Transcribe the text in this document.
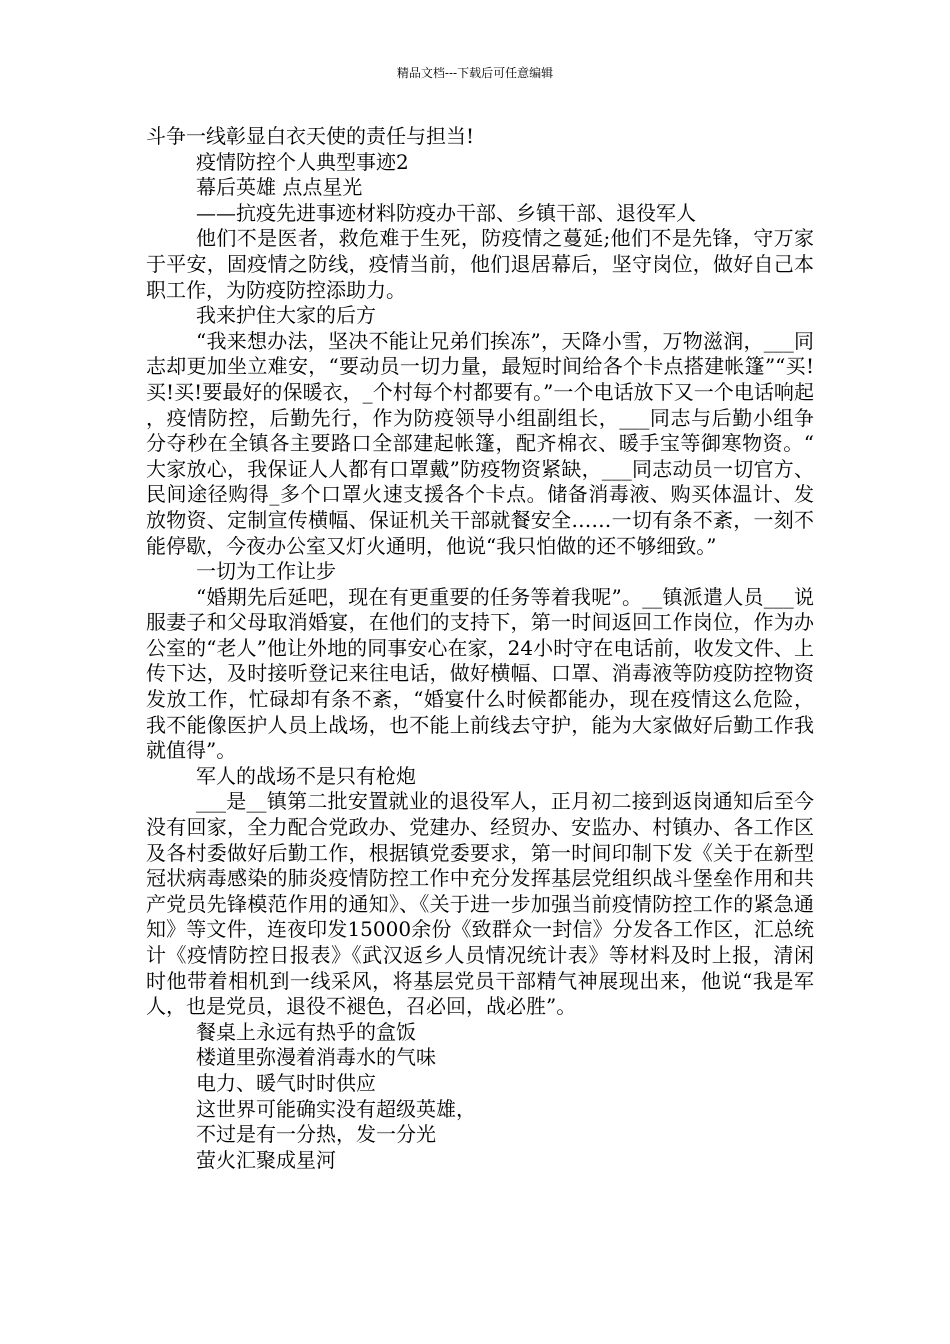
精品文档---下载后可任意编辑

斗争一线彰显白衣天使的责任与担当!

疫情防控个人典型事迹2

幕后英雄 点点星光

——抗疫先进事迹材料防疫办干部、乡镇干部、退役军人

他们不是医者，救危难于生死，防疫情之蔓延;他们不是先锋，守万家于平安，固疫情之防线，疫情当前，他们退居幕后，坚守岗位，做好自己本职工作，为防疫防控添助力。

我来护住大家的后方

“我来想办法，坚决不能让兄弟们挨冻”，天降小雪，万物滋润，___同志却更加坐立难安，“要动员一切力量，最短时间给各个卡点搭建帐篷”“买!买!买!要最好的保暖衣，_个村每个村都要有。”一个电话放下又一个电话响起，疫情防控，后勤先行，作为防疫领导小组副组长，___同志与后勤小组争分夺秒在全镇各主要路口全部建起帐篷，配齐棉衣、暖手宝等御寒物资。“大家放心，我保证人人都有口罩戴”防疫物资紧缺，___同志动员一切官方、民间途径购得_多个口罩火速支援各个卡点。储备消毒液、购买体温计、发放物资、定制宣传横幅、保证机关干部就餐安全……一切有条不紊，一刻不能停歇，今夜办公室又灯火通明，他说“我只怕做的还不够细致。”

一切为工作让步

“婚期先后延吧，现在有更重要的任务等着我呢”。__镇派遣人员___说服妻子和父母取消婚宴，在他们的支持下，第一时间返回工作岗位，作为办公室的“老人”他让外地的同事安心在家，24小时守在电话前，收发文件、上传下达，及时接听登记来往电话，做好横幅、口罩、消毒液等防疫防控物资发放工作，忙碌却有条不紊，“婚宴什么时候都能办，现在疫情这么危险，我不能像医护人员上战场，也不能上前线去守护，能为大家做好后勤工作我就值得”。

军人的战场不是只有枪炮

___是__镇第二批安置就业的退役军人，正月初二接到返岗通知后至今没有回家，全力配合党政办、党建办、经贸办、安监办、村镇办、各工作区及各村委做好后勤工作，根据镇党委要求，第一时间印制下发《关于在新型冠状病毒感染的肺炎疫情防控工作中充分发挥基层党组织战斗堡垒作用和共产党员先锋模范作用的通知》、《关于进一步加强当前疫情防控工作的紧急通知》等文件，连夜印发15000余份《致群众一封信》分发各工作区，汇总统计《疫情防控日报表》《武汉返乡人员情况统计表》等材料及时上报，清闲时他带着相机到一线采风，将基层党员干部精气神展现出来，他说“我是军人，也是党员，退役不褪色，召必回，战必胜”。

餐桌上永远有热乎的盒饭

楼道里弥漫着消毒水的气味

电力、暖气时时供应

这世界可能确实没有超级英雄，

不过是有一分热，发一分光

萤火汇聚成星河
